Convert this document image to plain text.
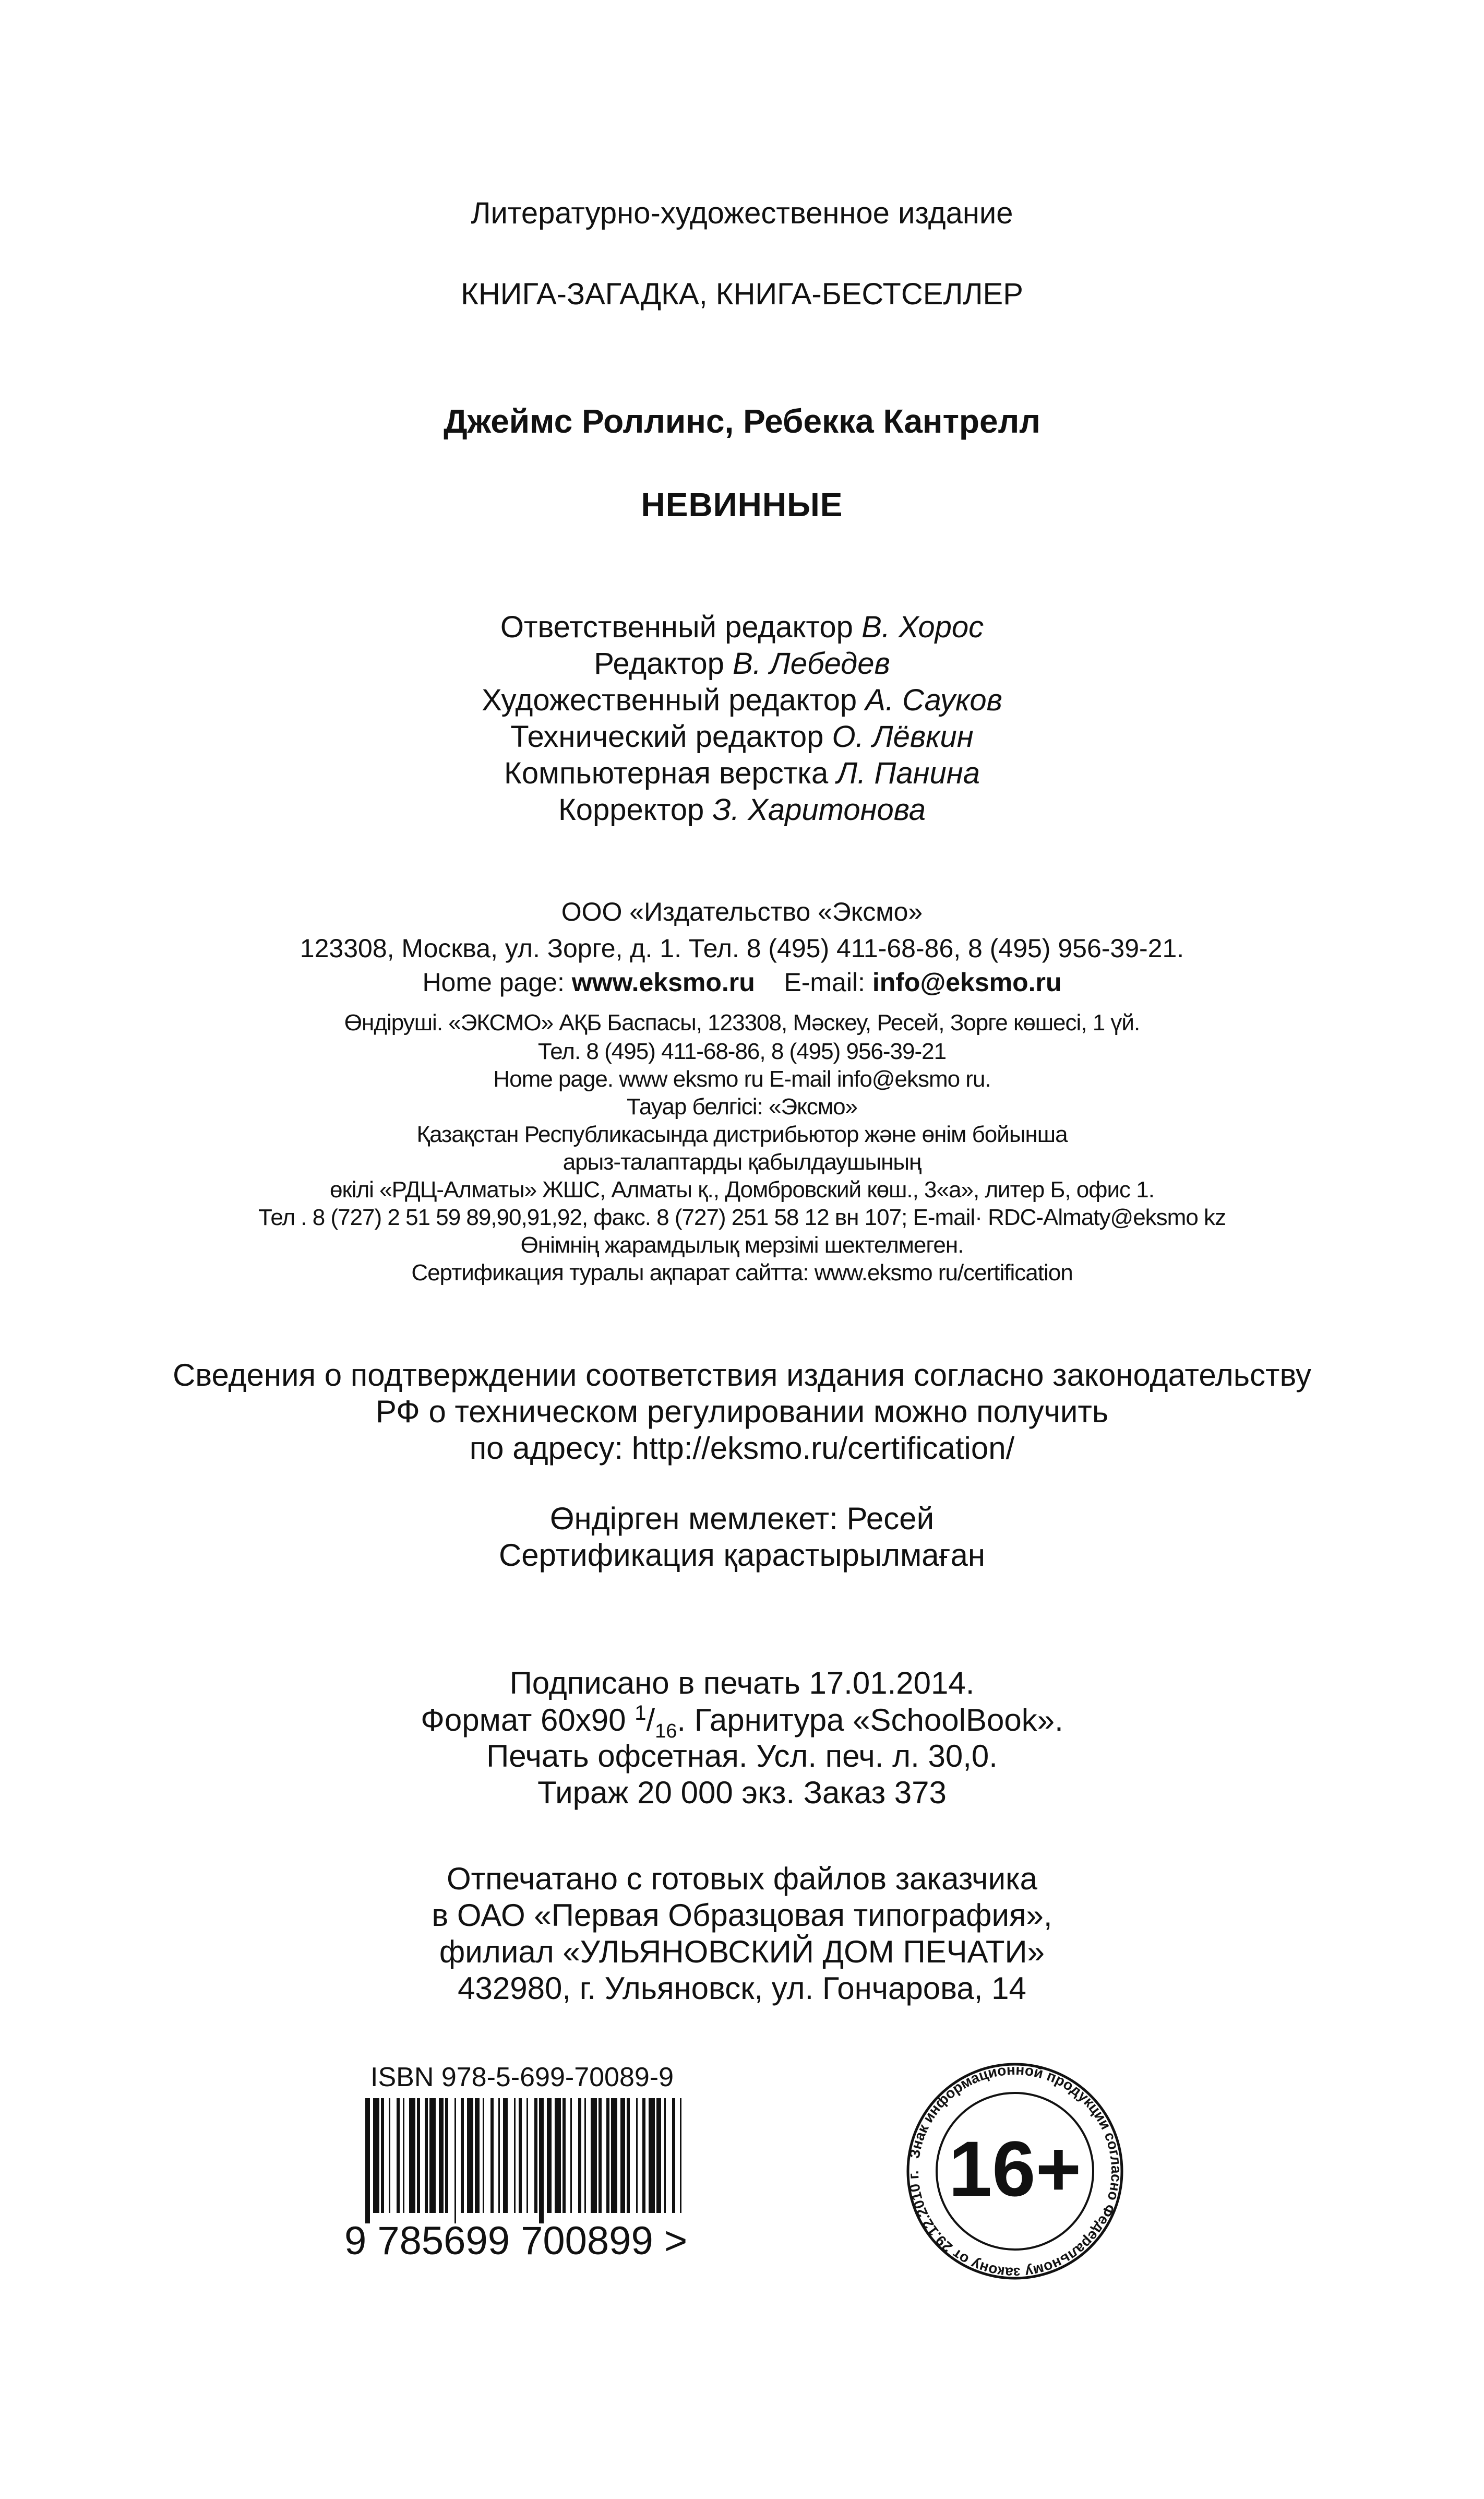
Литературно-художественное издание
КНИГА-ЗАГАДКА, КНИГА-БЕСТСЕЛЛЕР
Джеймс Роллинс, Ребекка Кантрелл
НЕВИННЫЕ
Ответственный редактор В. Хорос
Редактор В. Лебедев
Художественный редактор А. Сауков
Технический редактор О. Лёвкин
Компьютерная верстка Л. Панина
Корректор З. Харитонова
ООО «Издательство «Эксмо»
123308, Москва, ул. Зорге, д. 1. Тел. 8 (495) 411-68-86, 8 (495) 956-39-21.
Home page: www.eksmo.ru E-mail: info@eksmo.ru
Өндіруші. «ЭКСМО» АҚБ Баспасы, 123308, Мәскеу, Ресей, Зорге көшесі, 1 үй.
Тел. 8 (495) 411-68-86, 8 (495) 956-39-21
Home page. www eksmo ru E-mail info@eksmo ru.
Тауар белгісі: «Эксмо»
Қазақстан Республикасында дистрибьютор және өнім бойынша
арыз-талаптарды қабылдаушының
өкілі «РДЦ-Алматы» ЖШС, Алматы қ., Домбровский көш., 3«а», литер Б, офис 1.
Тел . 8 (727) 2 51 59 89,90,91,92, факс. 8 (727) 251 58 12 вн 107; E-mail· RDC-Almaty@eksmo kz
Өнімнің жарамдылық мерзімі шектелмеген.
Сертификация туралы ақпарат сайтта: www.eksmo ru/certification
Сведения о подтверждении соответствия издания согласно законодательству
РФ о техническом регулировании можно получить
по адресу: http://eksmo.ru/certification/
Өндірген мемлекет: Ресей
Сертификация қарастырылмаған
Подписано в печать 17.01.2014.
Формат 60х90 $^1/_{16}$. Гарнитура «SchoolBook».
Печать офсетная. Усл. печ. л. 30,0.
Тираж 20 000 экз. Заказ 373
Отпечатано с готовых файлов заказчика
в ОАО «Первая Образцовая типография»,
филиал «УЛЬЯНОВСКИЙ ДОМ ПЕЧАТИ»
432980, г. Ульяновск, ул. Гончарова, 14
ISBN 978-5-699-70089-9
9 785699 700899 >
Знак информационной продукции согласно Федеральному закону от 29.12.2010 г. 16+
